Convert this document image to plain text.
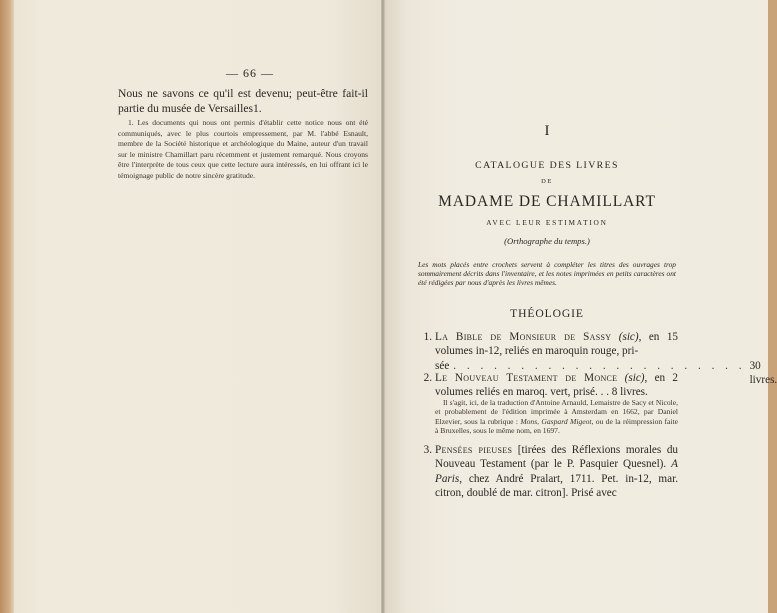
— 66 —
Nous ne savons ce qu'il est devenu; peut-être fait-il partie du musée de Versailles1.
1. Les documents qui nous ont permis d'établir cette notice nous ont été communiqués, avec le plus courtois empressement, par M. l'abbé Esnault, membre de la Société historique et archéologique du Maine, auteur d'un travail sur le ministre Chamillart paru récemment et justement remarqué. Nous croyons être l'interprète de tous ceux que cette lecture aura intéressés, en lui offrant ici le témoignage public de notre sincère gratitude.
I
CATALOGUE DES LIVRES
DE
MADAME DE CHAMILLART
AVEC LEUR ESTIMATION
(Orthographe du temps.)
Les mots placés entre crochets servent à compléter les titres des ouvrages trop sommairement décrits dans l'inventaire, et les notes imprimées en petits caractères ont été rédigées par nous d'après les livres mêmes.
THÉOLOGIE
1. La Bible de Monsieur de Sassy (sic), en 15 volumes in-12, reliés en maroquin rouge, pri-
sée . . . . . . . . . . . . . . . . . . . . . . 30 livres.
2. Le Nouveau Testament de Monce (sic), en 2 volumes reliés en maroq. vert, prisé. . . 8 livres.
Il s'agit, ici, de la traduction d'Antoine Arnauld, Lemaistre de Sacy et Nicole, et probablement de l'édition imprimée à Amsterdam en 1662, par Daniel Elzevier, sous la rubrique : Mons, Gaspard Migeot, ou de la réimpression faite à Bruxelles, sous le même nom, en 1697.
3. Pensées pieuses [tirées des Réflexions morales du Nouveau Testament (par le P. Pasquier Quesnel). A Paris, chez André Pralart, 1711. Pet. in-12, mar. citron, doublé de mar. citron]. Prisé avec
